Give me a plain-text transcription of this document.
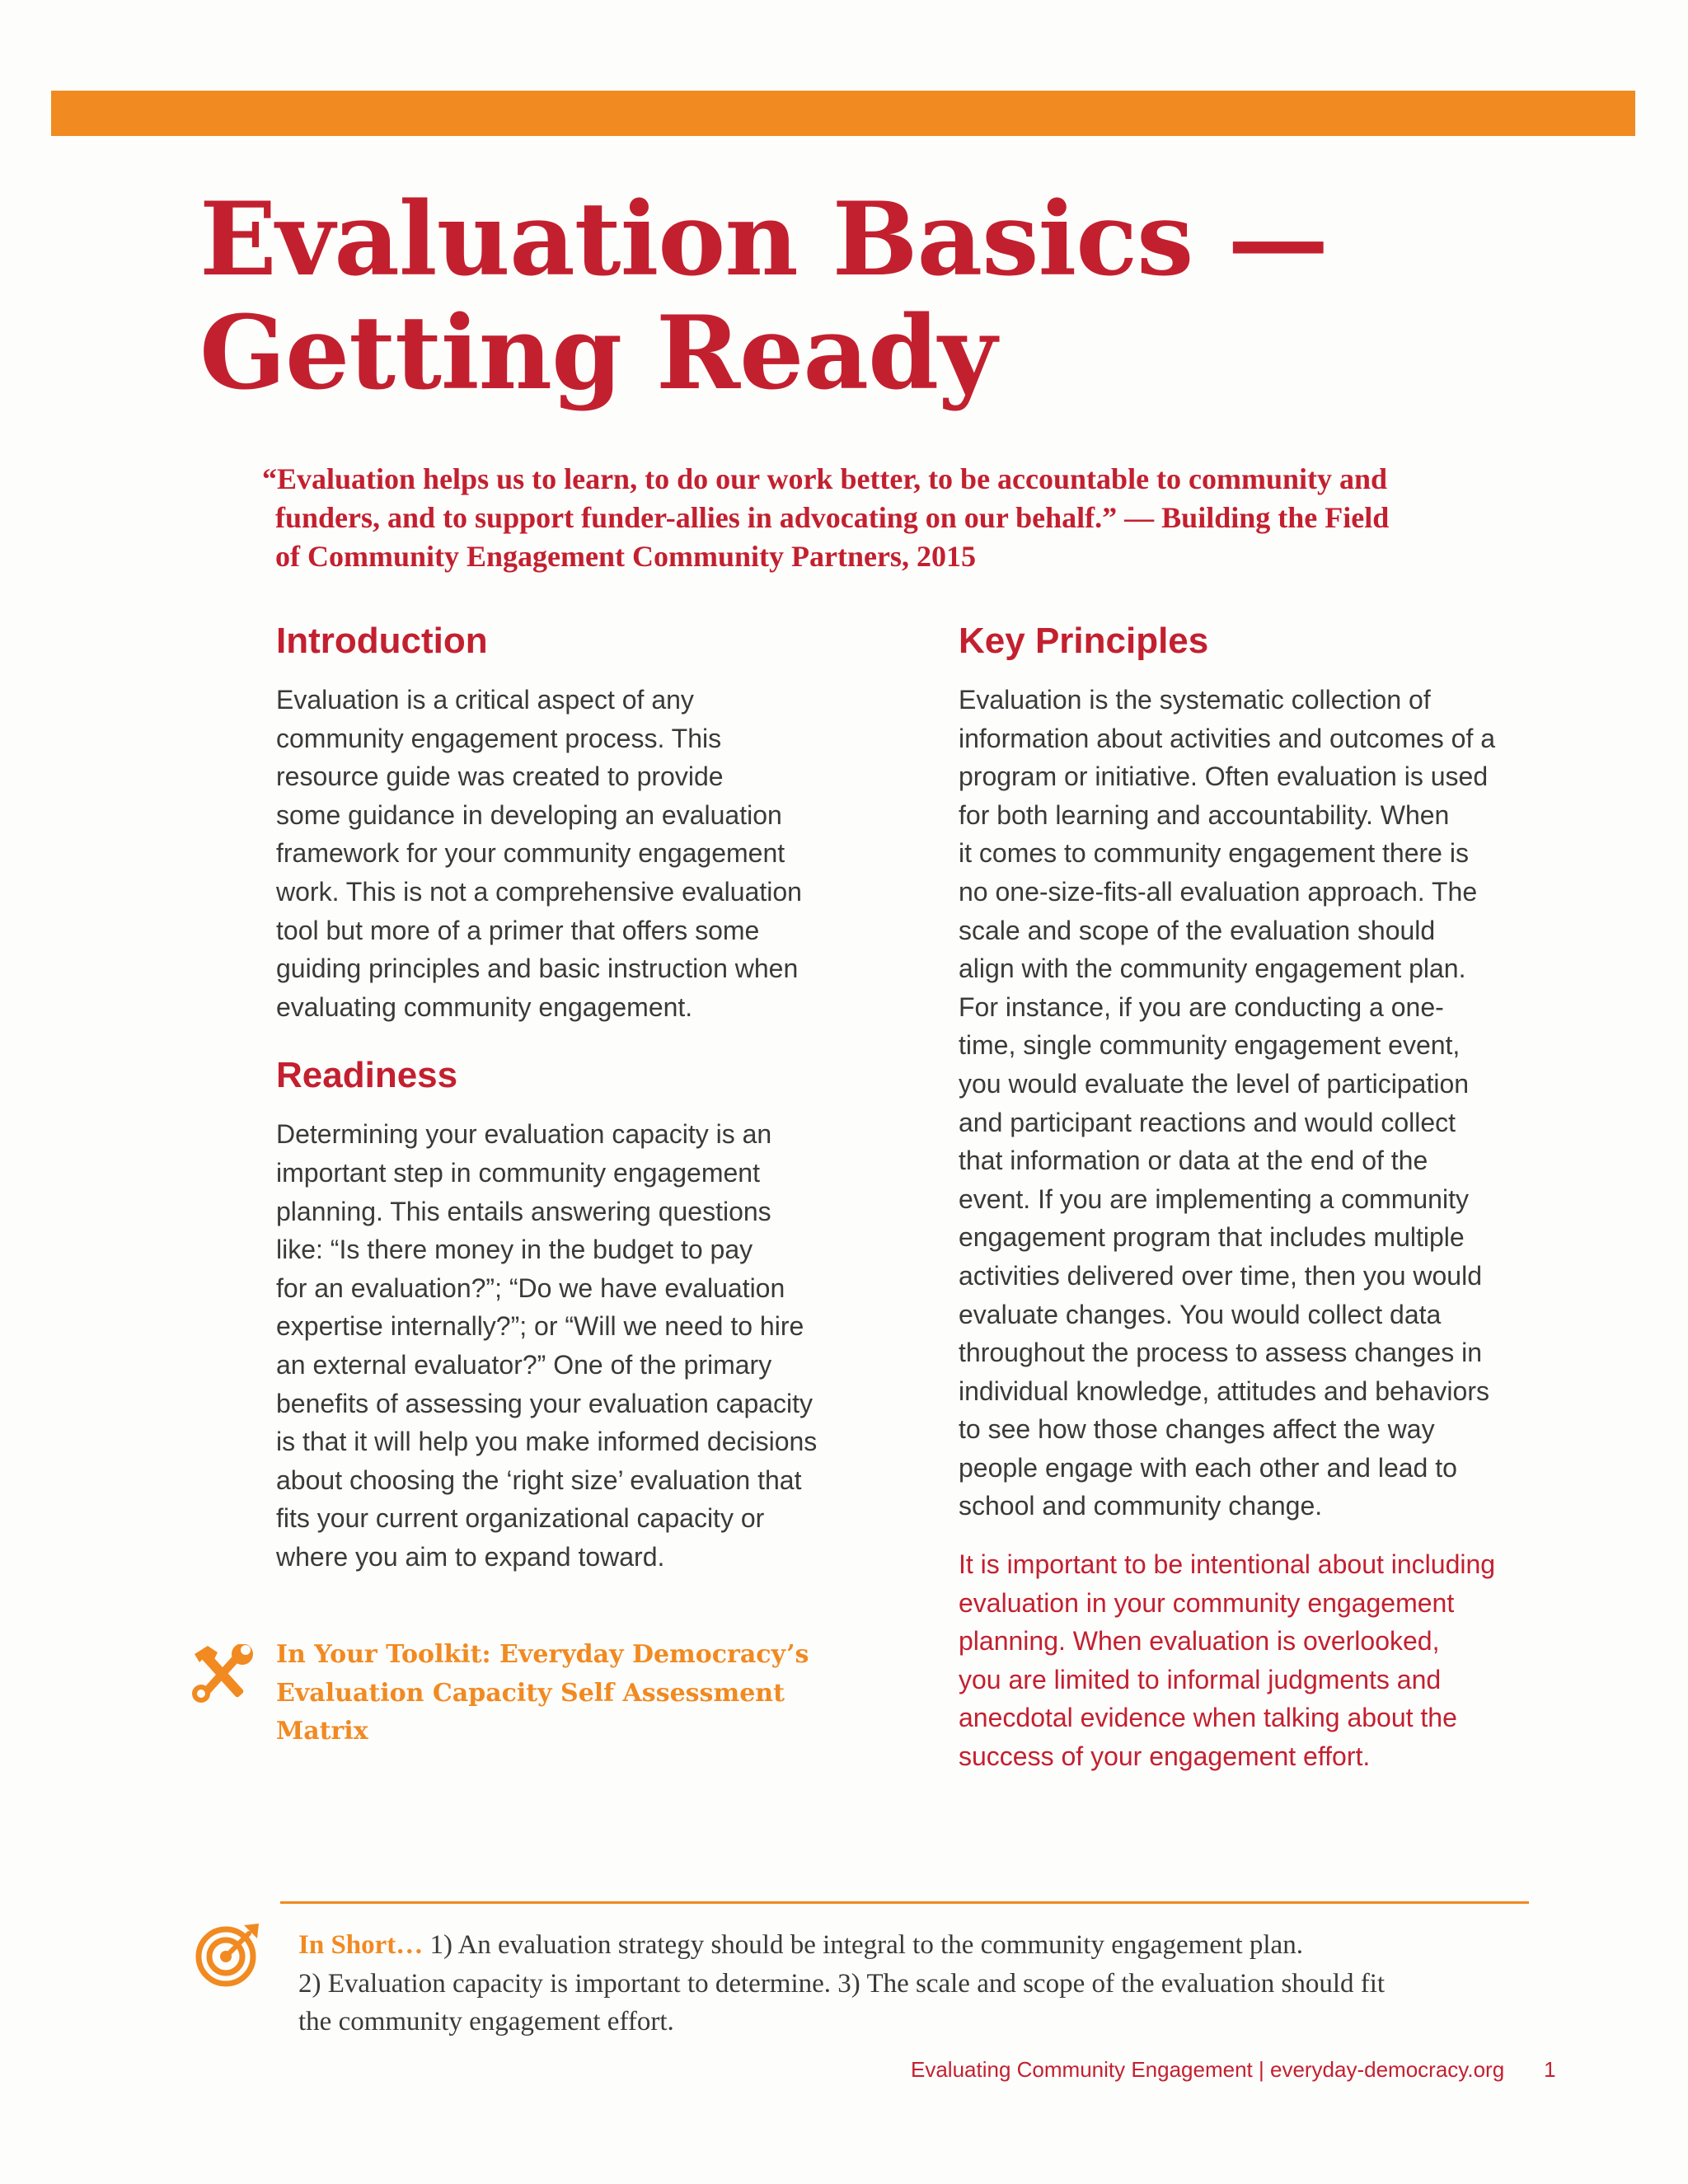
Evaluation Basics —
Getting Ready

“Evaluation helps us to learn, to do our work better, to be accountable to community and
funders, and to support funder-allies in advocating on our behalf.” — Building the Field
of Community Engagement Community Partners, 2015

Introduction

Evaluation is a critical aspect of any
community engagement process. This
resource guide was created to provide
some guidance in developing an evaluation
framework for your community engagement
work. This is not a comprehensive evaluation
tool but more of a primer that offers some
guiding principles and basic instruction when
evaluating community engagement.

Readiness

Determining your evaluation capacity is an
important step in community engagement
planning. This entails answering questions
like: “Is there money in the budget to pay
for an evaluation?”; “Do we have evaluation
expertise internally?”; or “Will we need to hire
an external evaluator?” One of the primary
benefits of assessing your evaluation capacity
is that it will help you make informed decisions
about choosing the ‘right size’ evaluation that
fits your current organizational capacity or
where you aim to expand toward.

In Your Toolkit: Everyday Democracy’s
Evaluation Capacity Self Assessment
Matrix

Key Principles

Evaluation is the systematic collection of
information about activities and outcomes of a
program or initiative. Often evaluation is used
for both learning and accountability. When
it comes to community engagement there is
no one-size-fits-all evaluation approach. The
scale and scope of the evaluation should
align with the community engagement plan.
For instance, if you are conducting a one-
time, single community engagement event,
you would evaluate the level of participation
and participant reactions and would collect
that information or data at the end of the
event. If you are implementing a community
engagement program that includes multiple
activities delivered over time, then you would
evaluate changes. You would collect data
throughout the process to assess changes in
individual knowledge, attitudes and behaviors
to see how those changes affect the way
people engage with each other and lead to
school and community change.

It is important to be intentional about including
evaluation in your community engagement
planning. When evaluation is overlooked,
you are limited to informal judgments and
anecdotal evidence when talking about the
success of your engagement effort.

In Short… 1) An evaluation strategy should be integral to the community engagement plan.
2) Evaluation capacity is important to determine. 3) The scale and scope of the evaluation should fit
the community engagement effort.

Evaluating Community Engagement | everyday-democracy.org 1
